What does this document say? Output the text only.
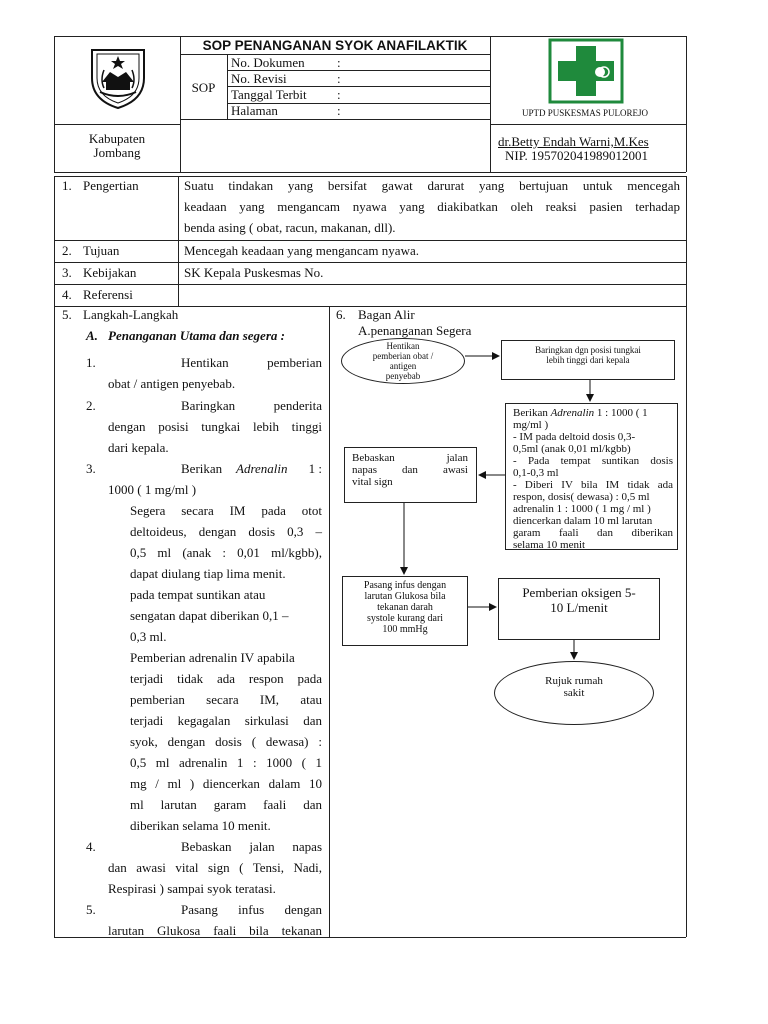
Kabupaten
Jombang
SOP PENANGANAN SYOK ANAFILAKTIK
SOP
No. Dokumen :
No. Revisi	:
Tanggal Terbit :
Halaman	:	UPTD PUSKESMAS PULOREJO
dr.Betty Endah Warni,M.Kes
NIP. 195702041989012001
1. Pengertian	Suatu tindakan yang bersifat gawat darurat yang bertujuan untuk mencegah
keadaan yang mengancam nyawa yang diakibatkan oleh reaksi pasien terhadap
benda asing ( obat, racun, makanan, dll).
2. Tujuan	Mencegah keadaan yang mengancam nyawa.
3. Kebijakan	SK Kepala Puskesmas No.
4. Referensi
5. Langkah-Langkah
A. Penanganan Utama dan segera :
1.	Hentikan	pemberian
obat / antigen penyebab.
2.	Baringkan	penderita
dengan posisi tungkai lebih tinggi
dari kepala.
3.	Berikan Adrenalin 1 :
1000 ( 1 mg/ml )
Segera secara IM pada otot
deltoideus, dengan dosis 0,3 –
0,5 ml (anak : 0,01 ml/kgbb),
dapat diulang tiap lima menit.
pada tempat suntikan atau
sengatan dapat diberikan 0,1 –
0,3 ml.
Pemberian adrenalin IV apabila
terjadi tidak ada respon pada
pemberian secara IM, atau
terjadi kegagalan sirkulasi dan
syok, dengan dosis ( dewasa) :
0,5 ml adrenalin 1 : 1000 ( 1
mg / ml ) diencerkan dalam 10
ml larutan garam faali dan
diberikan selama 10 menit.
4.	Bebaskan jalan napas
dan awasi vital sign ( Tensi, Nadi,
Respirasi ) sampai syok teratasi.
5.	Pasang infus dengan
larutan Glukosa faali bila tekanan
6. Bagan Alir
A.penanganan Segera
Hentikan
pemberian obat /
antigen
penyebab
Baringkan dgn posisi tungkai
lebih tinggi dari kepala
Berikan Adrenalin 1 : 1000 ( 1
mg/ml )
- IM pada deltoid dosis 0,3-
0,5ml (anak 0,01 ml/kgbb)
- Pada tempat suntikan dosis
0,1-0,3 ml
- Diberi IV bila IM tidak ada
respon, dosis( dewasa) : 0,5 ml
adrenalin 1 : 1000 ( 1 mg / ml )
diencerkan dalam 10 ml larutan
garam faali dan diberikan
selama 10 menit
Bebaskan jalan
napas dan awasi
vital sign
Pasang infus dengan
larutan Glukosa bila
tekanan darah
systole kurang dari
100 mmHg
Pemberian oksigen 5-
10 L/menit
Rujuk rumah
sakit
